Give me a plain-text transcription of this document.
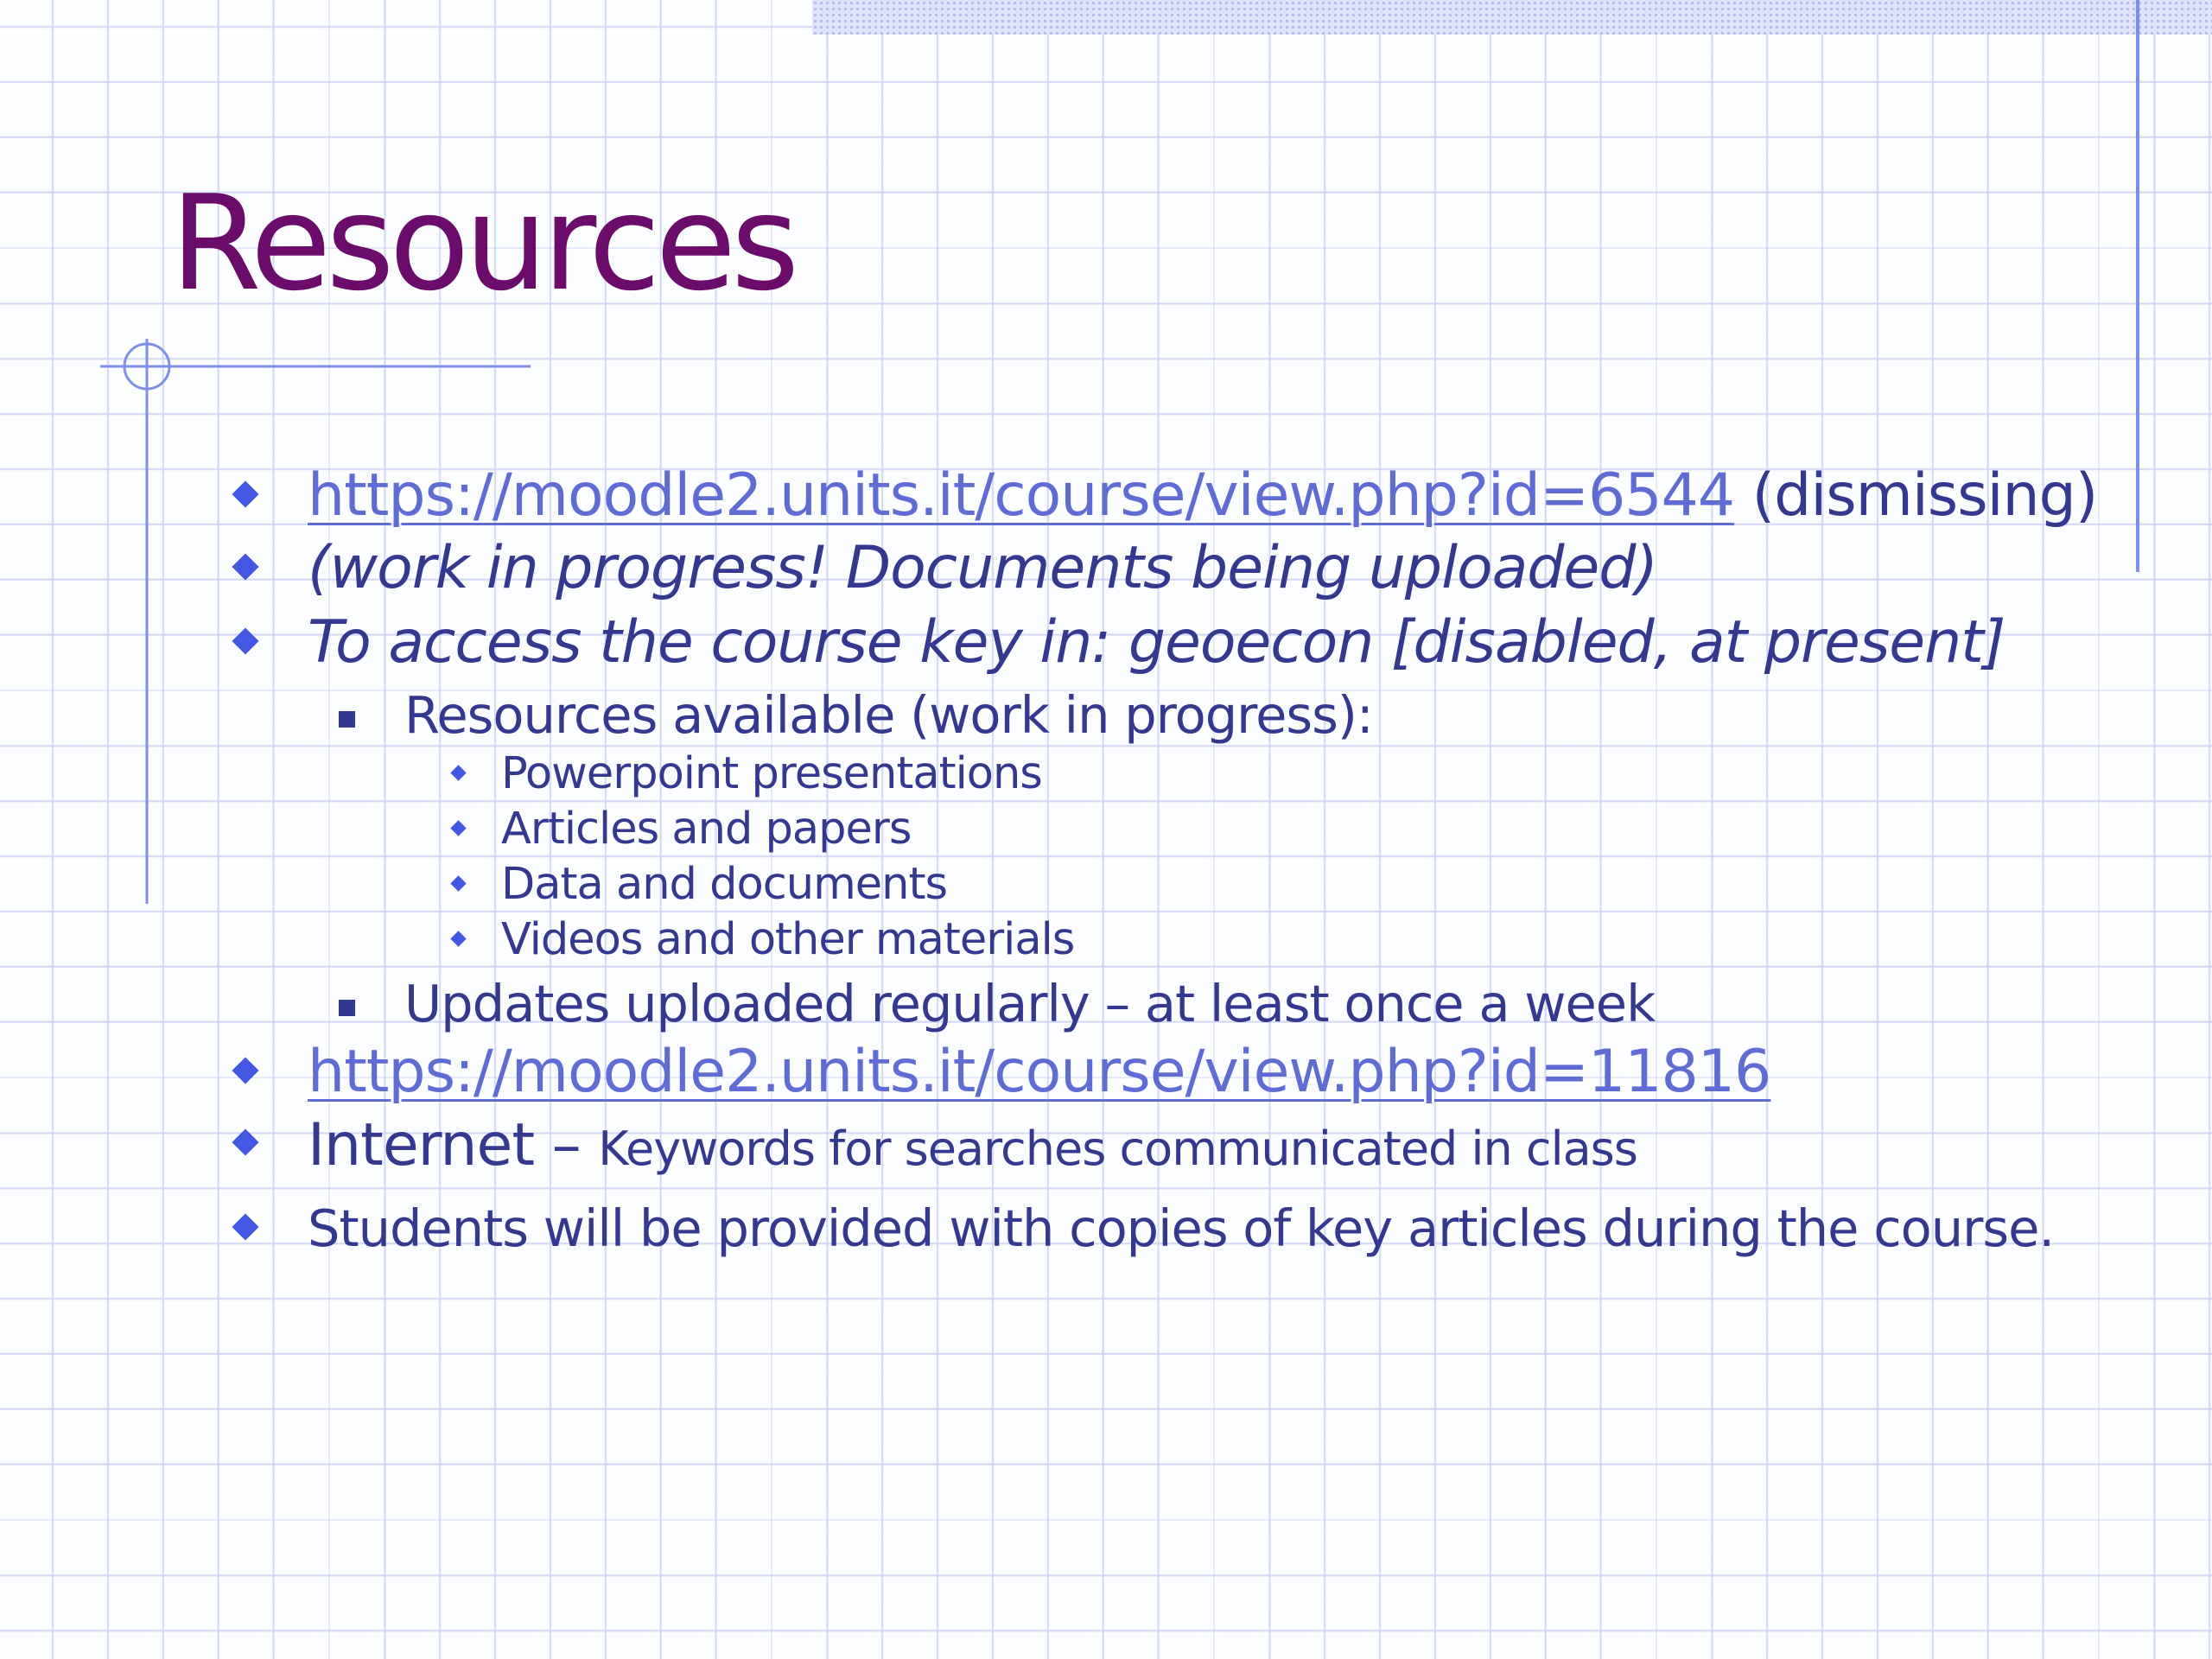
Resources
https://moodle2.units.it/course/view.php?id=6544 (dismissing)
(work in progress! Documents being uploaded)
To access the course key in: geoecon [disabled, at present]
Resources available (work in progress):
Powerpoint presentations
Articles and papers
Data and documents
Videos and other materials
Updates uploaded regularly – at least once a week
https://moodle2.units.it/course/view.php?id=11816
Internet – Keywords for searches communicated in class
Students will be provided with copies of key articles during the course.
